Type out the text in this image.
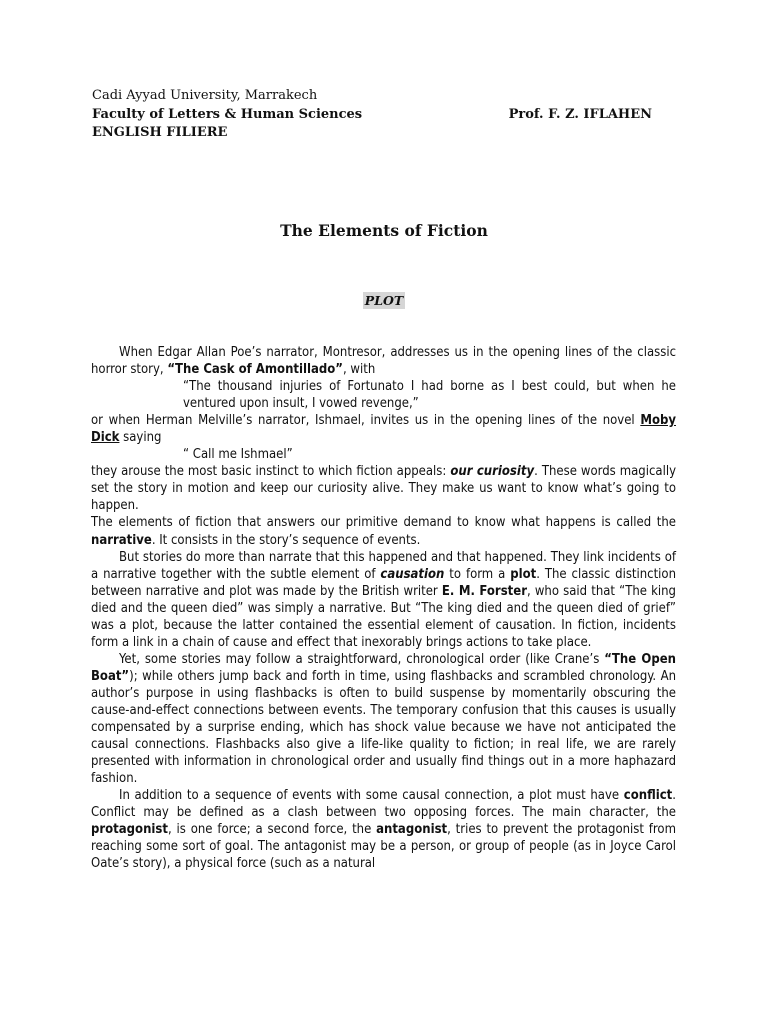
Cadi Ayyad University, Marrakech
Faculty of Letters & Human Sciences	Prof. F. Z. IFLAHEN
ENGLISH FILIERE
The Elements of Fiction
PLOT

When Edgar Allan Poe’s narrator, Montresor, addresses us in the opening lines of the classic horror story, “The Cask of Amontillado”, with

“The thousand injuries of Fortunato I had borne as I best could, but when he ventured upon insult, I vowed revenge,”

or when Herman Melville’s narrator, Ishmael, invites us in the opening lines of the novel Moby Dick saying

“ Call me Ishmael”

they arouse the most basic instinct to which fiction appeals: our curiosity. These words magically set the story in motion and keep our curiosity alive. They make us want to know what’s going to happen.

The elements of fiction that answers our primitive demand to know what happens is called the narrative. It consists in the story’s sequence of events.

But stories do more than narrate that this happened and that happened. They link incidents of a narrative together with the subtle element of causation to form a plot. The classic distinction between narrative and plot was made by the British writer E. M. Forster, who said that “The king died and the queen died” was simply a narrative. But “The king died and the queen died of grief” was a plot, because the latter contained the essential element of causation. In fiction, incidents form a link in a chain of cause and effect that inexorably brings actions to take place.

Yet, some stories may follow a straightforward, chronological order (like Crane’s “The Open Boat”); while others jump back and forth in time, using flashbacks and scrambled chronology. An author’s purpose in using flashbacks is often to build suspense by momentarily obscuring the cause-and-effect connections between events. The temporary confusion that this causes is usually compensated by a surprise ending, which has shock value because we have not anticipated the causal connections. Flashbacks also give a life-like quality to fiction; in real life, we are rarely presented with information in chronological order and usually find things out in a more haphazard fashion.

In addition to a sequence of events with some causal connection, a plot must have conflict. Conflict may be defined as a clash between two opposing forces. The main character, the protagonist, is one force; a second force, the antagonist, tries to prevent the protagonist from reaching some sort of goal. The antagonist may be a person, or group of people (as in Joyce Carol Oate’s story), a physical force (such as a natural
